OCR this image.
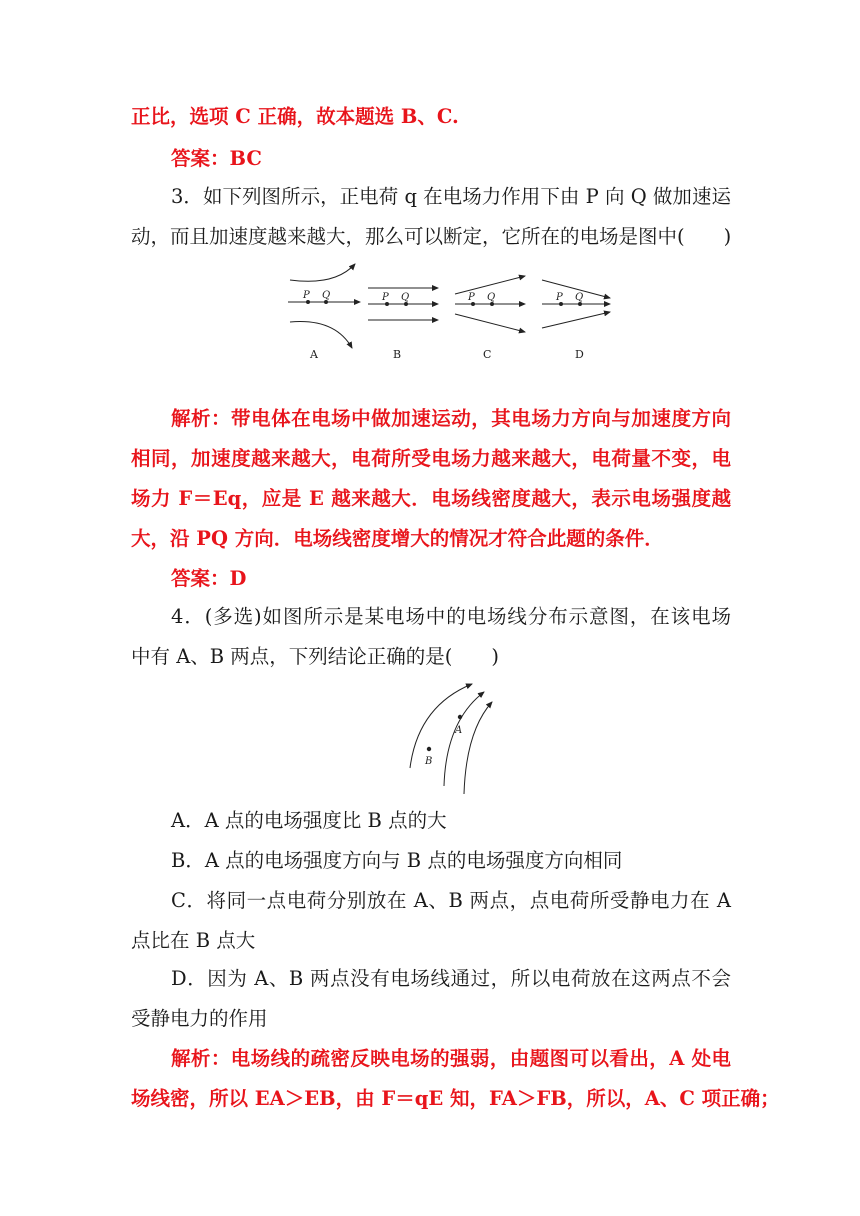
正比，选项 C 正确，故本题选 B、C.
答案：BC
3．如下列图所示，正电荷 q 在电场力作用下由 P 向 Q 做加速运
动，而且加速度越来越大，那么可以断定，它所在的电场是图中(　　)
P Q	P Q	P Q	P Q
A	B	C	D
解析：带电体在电场中做加速运动，其电场力方向与加速度方向
相同，加速度越来越大，电荷所受电场力越来越大，电荷量不变，电
场力 F＝Eq，应是 E 越来越大．电场线密度越大，表示电场强度越
大，沿 PQ 方向．电场线密度增大的情况才符合此题的条件．
答案：D
4．(多选)如图所示是某电场中的电场线分布示意图，在该电场
中有 A、B 两点，下列结论正确的是(　　)
A
B
A．A 点的电场强度比 B 点的大
B．A 点的电场强度方向与 B 点的电场强度方向相同
C．将同一点电荷分别放在 A、B 两点，点电荷所受静电力在 A
点比在 B 点大
D．因为 A、B 两点没有电场线通过，所以电荷放在这两点不会
受静电力的作用
解析：电场线的疏密反映电场的强弱，由题图可以看出，A 处电
场线密，所以 EA＞EB，由 F＝qE 知，FA＞FB，所以，A、C 项正确；
